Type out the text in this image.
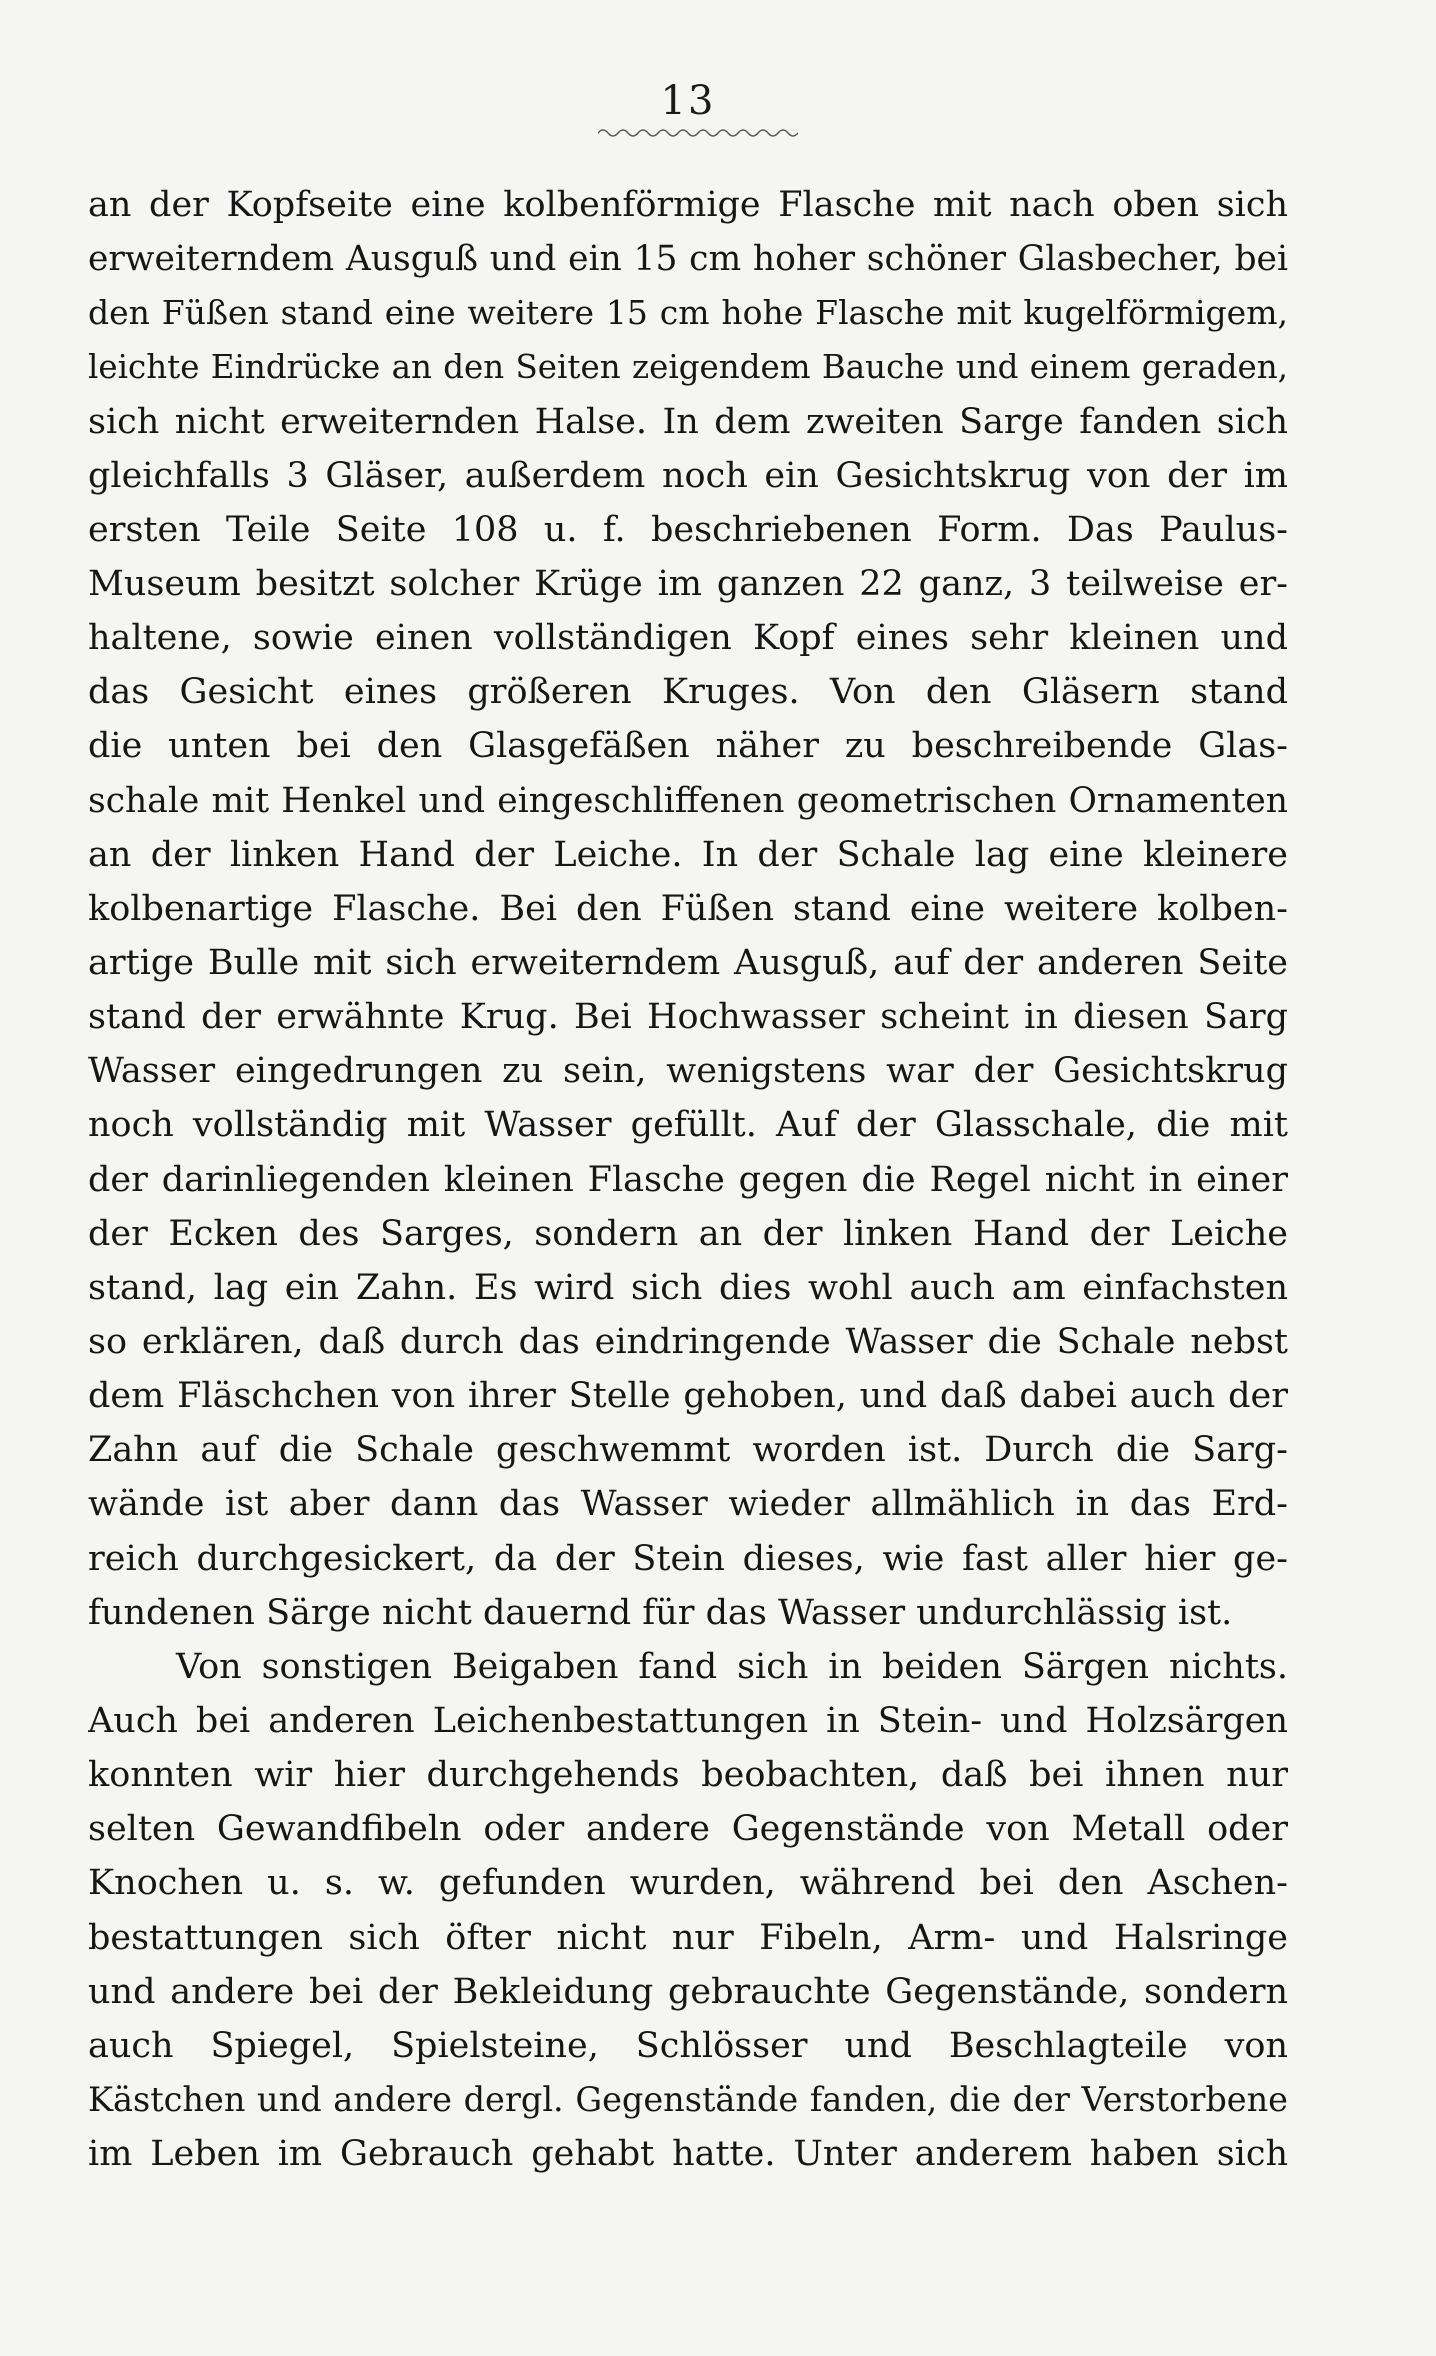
13
an der Kopfseite eine kolbenförmige Flasche mit nach oben sich
erweiterndem Ausguß und ein 15 cm hoher schöner Glasbecher, bei
den Füßen stand eine weitere 15 cm hohe Flasche mit kugelförmigem,
leichte Eindrücke an den Seiten zeigendem Bauche und einem geraden,
sich nicht erweiternden Halse. In dem zweiten Sarge fanden sich
gleichfalls 3 Gläser, außerdem noch ein Gesichtskrug von der im
ersten Teile Seite 108 u. f. beschriebenen Form. Das Paulus-
Museum besitzt solcher Krüge im ganzen 22 ganz, 3 teilweise er-
haltene, sowie einen vollständigen Kopf eines sehr kleinen und
das Gesicht eines größeren Kruges. Von den Gläsern stand
die unten bei den Glasgefäßen näher zu beschreibende Glas-
schale mit Henkel und eingeschliffenen geometrischen Ornamenten
an der linken Hand der Leiche. In der Schale lag eine kleinere
kolbenartige Flasche. Bei den Füßen stand eine weitere kolben-
artige Bulle mit sich erweiterndem Ausguß, auf der anderen Seite
stand der erwähnte Krug. Bei Hochwasser scheint in diesen Sarg
Wasser eingedrungen zu sein, wenigstens war der Gesichtskrug
noch vollständig mit Wasser gefüllt. Auf der Glasschale, die mit
der darinliegenden kleinen Flasche gegen die Regel nicht in einer
der Ecken des Sarges, sondern an der linken Hand der Leiche
stand, lag ein Zahn. Es wird sich dies wohl auch am einfachsten
so erklären, daß durch das eindringende Wasser die Schale nebst
dem Fläschchen von ihrer Stelle gehoben, und daß dabei auch der
Zahn auf die Schale geschwemmt worden ist. Durch die Sarg-
wände ist aber dann das Wasser wieder allmählich in das Erd-
reich durchgesickert, da der Stein dieses, wie fast aller hier ge-
fundenen Särge nicht dauernd für das Wasser undurchlässig ist.
Von sonstigen Beigaben fand sich in beiden Särgen nichts.
Auch bei anderen Leichenbestattungen in Stein- und Holzsärgen
konnten wir hier durchgehends beobachten, daß bei ihnen nur
selten Gewandfibeln oder andere Gegenstände von Metall oder
Knochen u. s. w. gefunden wurden, während bei den Aschen-
bestattungen sich öfter nicht nur Fibeln, Arm- und Halsringe
und andere bei der Bekleidung gebrauchte Gegenstände, sondern
auch Spiegel, Spielsteine, Schlösser und Beschlagteile von
Kästchen und andere dergl. Gegenstände fanden, die der Verstorbene
im Leben im Gebrauch gehabt hatte. Unter anderem haben sich
